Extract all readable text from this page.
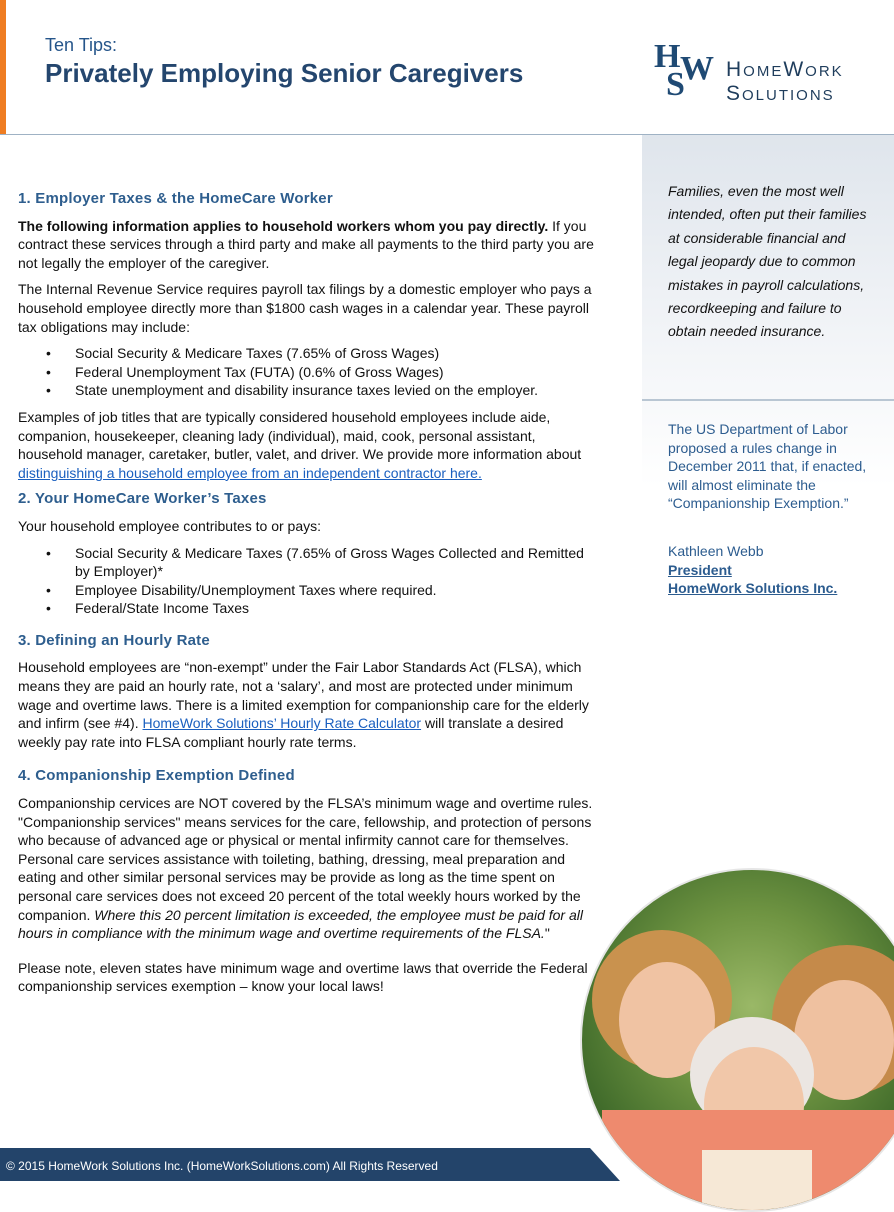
Ten Tips:
Privately Employing Senior Caregivers	H
S
W HomeWork
Solutions
Families, even the most well intended, often put their families at considerable financial and legal jeopardy due to common mistakes in payroll calculations, recordkeeping and failure to obtain needed insurance.
The US Department of Labor proposed a rules change in December 2011 that, if enacted, will almost eliminate the “Companionship Exemption.”
Kathleen Webb
President
HomeWork Solutions Inc.
1. Employer Taxes & the HomeCare Worker

The following information applies to household workers whom you pay directly. If you contract these services through a third party and make all payments to the third party you are not legally the employer of the caregiver.

The Internal Revenue Service requires payroll tax filings by a domestic employer who pays a household employee directly more than $1800 cash wages in a calendar year. These payroll tax obligations may include:

• Social Security & Medicare Taxes (7.65% of Gross Wages)
• Federal Unemployment Tax (FUTA) (0.6% of Gross Wages)
• State unemployment and disability insurance taxes levied on the employer.

Examples of job titles that are typically considered household employees include aide, companion, housekeeper, cleaning lady (individual), maid, cook, personal assistant, household manager, caretaker, butler, valet, and driver. We provide more information about distinguishing a household employee from an independent contractor here.

2. Your HomeCare Worker’s Taxes

Your household employee contributes to or pays:

• Social Security & Medicare Taxes (7.65% of Gross Wages Collected and Remitted by Employer)*
• Employee Disability/Unemployment Taxes where required.
• Federal/State Income Taxes
3. Defining an Hourly Rate

Household employees are “non-exempt” under the Fair Labor Standards Act (FLSA), which means they are paid an hourly rate, not a ‘salary’, and most are protected under minimum wage and overtime laws. There is a limited exemption for companionship care for the elderly and infirm (see #4). HomeWork Solutions’ Hourly Rate Calculator will translate a desired weekly pay rate into FLSA compliant hourly rate terms.

4. Companionship Exemption Defined

Companionship cervices are NOT covered by the FLSA’s minimum wage and overtime rules. "Companionship services" means services for the care, fellowship, and protection of persons who because of advanced age or physical or mental infirmity cannot care for themselves. Personal care services assistance with toileting, bathing, dressing, meal preparation and eating and other similar personal services may be provide as long as the time spent on personal care services does not exceed 20 percent of the total weekly hours worked by the companion. Where this 20 percent limitation is exceeded, the employee must be paid for all hours in compliance with the minimum wage and overtime requirements of the FLSA."

Please note, eleven states have minimum wage and overtime laws that override the Federal companionship services exemption – know your local laws!

© 2015 HomeWork Solutions Inc. (HomeWorkSolutions.com) All Rights Reserved
